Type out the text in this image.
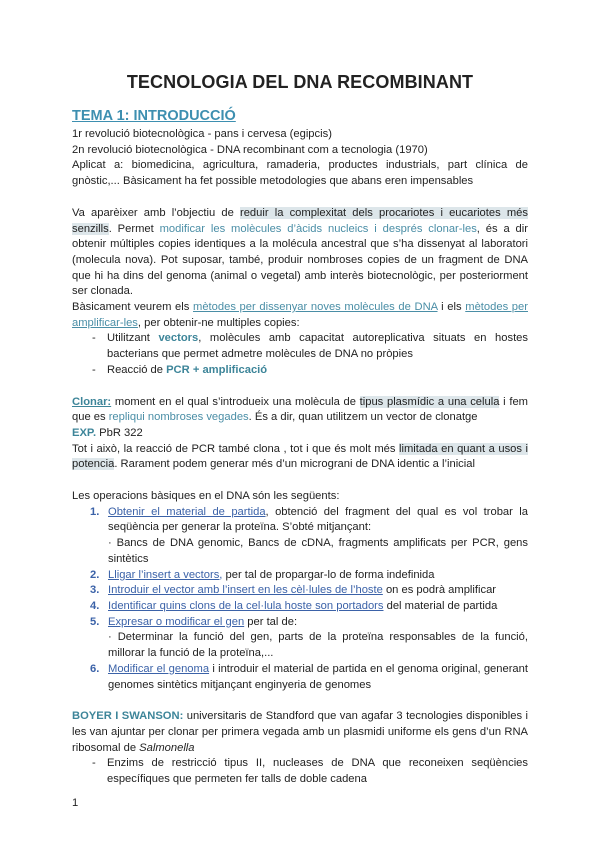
TECNOLOGIA DEL DNA RECOMBINANT

TEMA 1: INTRODUCCIÓ

1r revolució biotecnològica - pans i cervesa (egipcis)

2n revolució biotecnològica - DNA recombinant com a tecnologia (1970)

Aplicat a: biomedicina, agricultura, ramaderia, productes industrials, part clínica de gnòstic,... Bàsicament ha fet possible metodologies que abans eren impensables

Va aparèixer amb l’objectiu de reduir la complexitat dels procariotes i eucariotes més senzills. Permet modificar les molècules d’àcids nucleics i després clonar-les, és a dir obtenir múltiples copies identiques a la molécula ancestral que s’ha dissenyat al laboratori (molecula nova). Pot suposar, també, produir nombroses copies de un fragment de DNA que hi ha dins del genoma (animal o vegetal) amb interès biotecnològic, per posteriorment ser clonada.

Bàsicament veurem els mètodes per dissenyar noves molècules de DNA i els mètodes per amplificar-les, per obtenir-ne multiples copies:

- Utilitzant vectors, molècules amb capacitat autoreplicativa situats en hostes bacterians que permet admetre molècules de DNA no pròpies
- Reacció de PCR + amplificació

Clonar: moment en el qual s’introdueix una molècula de tipus plasmídic a una celula i fem que es repliqui nombroses vegades. És a dir, quan utilitzem un vector de clonatge

EXP. PbR 322

Tot i això, la reacció de PCR també clona , tot i que és molt més limitada en quant a usos i potencia. Rarament podem generar més d’un micrograni de DNA identic a l’inicial

Les operacions bàsiques en el DNA són les següents:

1. Obtenir el material de partida, obtenció del fragment del qual es vol trobar la seqüència per generar la proteïna. S’obté mitjançant:
· Bancs de DNA genomic, Bancs de cDNA, fragments amplificats per PCR, gens sintètics
2. Lligar l’insert a vectors, per tal de propargar-lo de forma indefinida
3. Introduir el vector amb l’insert en les cèl·lules de l’hoste on es podrà amplificar
4. Identificar quins clons de la cel·lula hoste son portadors del material de partida
5. Expresar o modificar el gen per tal de:
· Determinar la funció del gen, parts de la proteïna responsables de la funció, millorar la funció de la proteïna,...
6. Modificar el genoma i introduir el material de partida en el genoma original, generant genomes sintètics mitjançant enginyeria de genomes

BOYER I SWANSON: universitaris de Standford que van agafar 3 tecnologies disponibles i les van ajuntar per clonar per primera vegada amb un plasmidi uniforme els gens d’un RNA ribosomal de Salmonella

- Enzims de restricció tipus II, nucleases de DNA que reconeixen seqüències específiques que permeten fer talls de doble cadena
1
